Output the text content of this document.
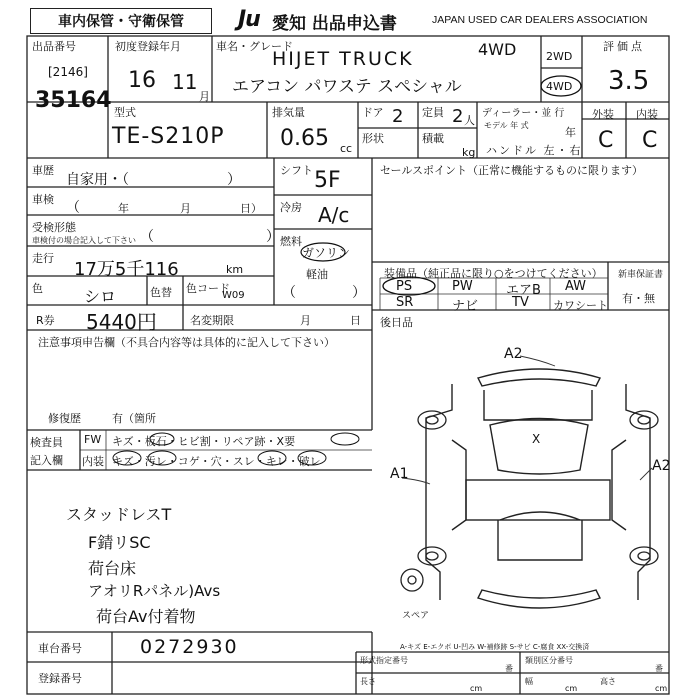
車内保管・守衛保管	Ju 愛知 出品申込書	JAPAN USED CAR DEALERS ASSOCIATION
出品番号
[2146]
35164
初度登録年月
16 11
月
車名・グレード
HIJET TRUCK	4WD
エアコン パワステ スペシャル
2WD
4WD
評価点
3.5
外装 内装
C C
型式
TE-S210P
排気量
0.65 cc
ドア 2 定員 2 人
形状	積載
kg
ディーラー・並 行
モデル 年 式
年
ハンドル 左・右
車歴
自家用・（　　　　　　　）
車検
（	年	月	日）
受検形態
車検付の場合記入して下さい （　　　　　　　　）
走行
17万5千116	km
色	シロ	色替 色コード
W09
シフト 5F
冷房 A/c
燃料
ガソリン
軽油
（	）
セールスポイント（正常に機能するものに限ります）
装備品（純正品に限り○をつけてください）
PS	PW	エアB AW
SR	ナビ	TV カワシート
新車保証書
有・無
R券 5440円	名変期限	月	日 後日品
注意事項申告欄（不具合内容等は具体的に記入して下さい）
修復歴	有（箇所
検査員 記入欄
FW キズ・板石・ヒビ割・リペア跡・X要
内装 キズ・汚レ・コゲ・穴・スレ・キレ・破レ
スタッドレスT
F錆リSC
荷台床
アオリRパネル)Avs
荷台Av付着物
A2
A1	A2
X
スペア
A-キズ E-エクボ U-凹み W-補修跡 S-サビ C-腐食 XX-交換済
形式指定番号
番
類別区分番号
番
長さ
cm
幅
cm
高さ
cm
車台番号	0272930
登録番号
